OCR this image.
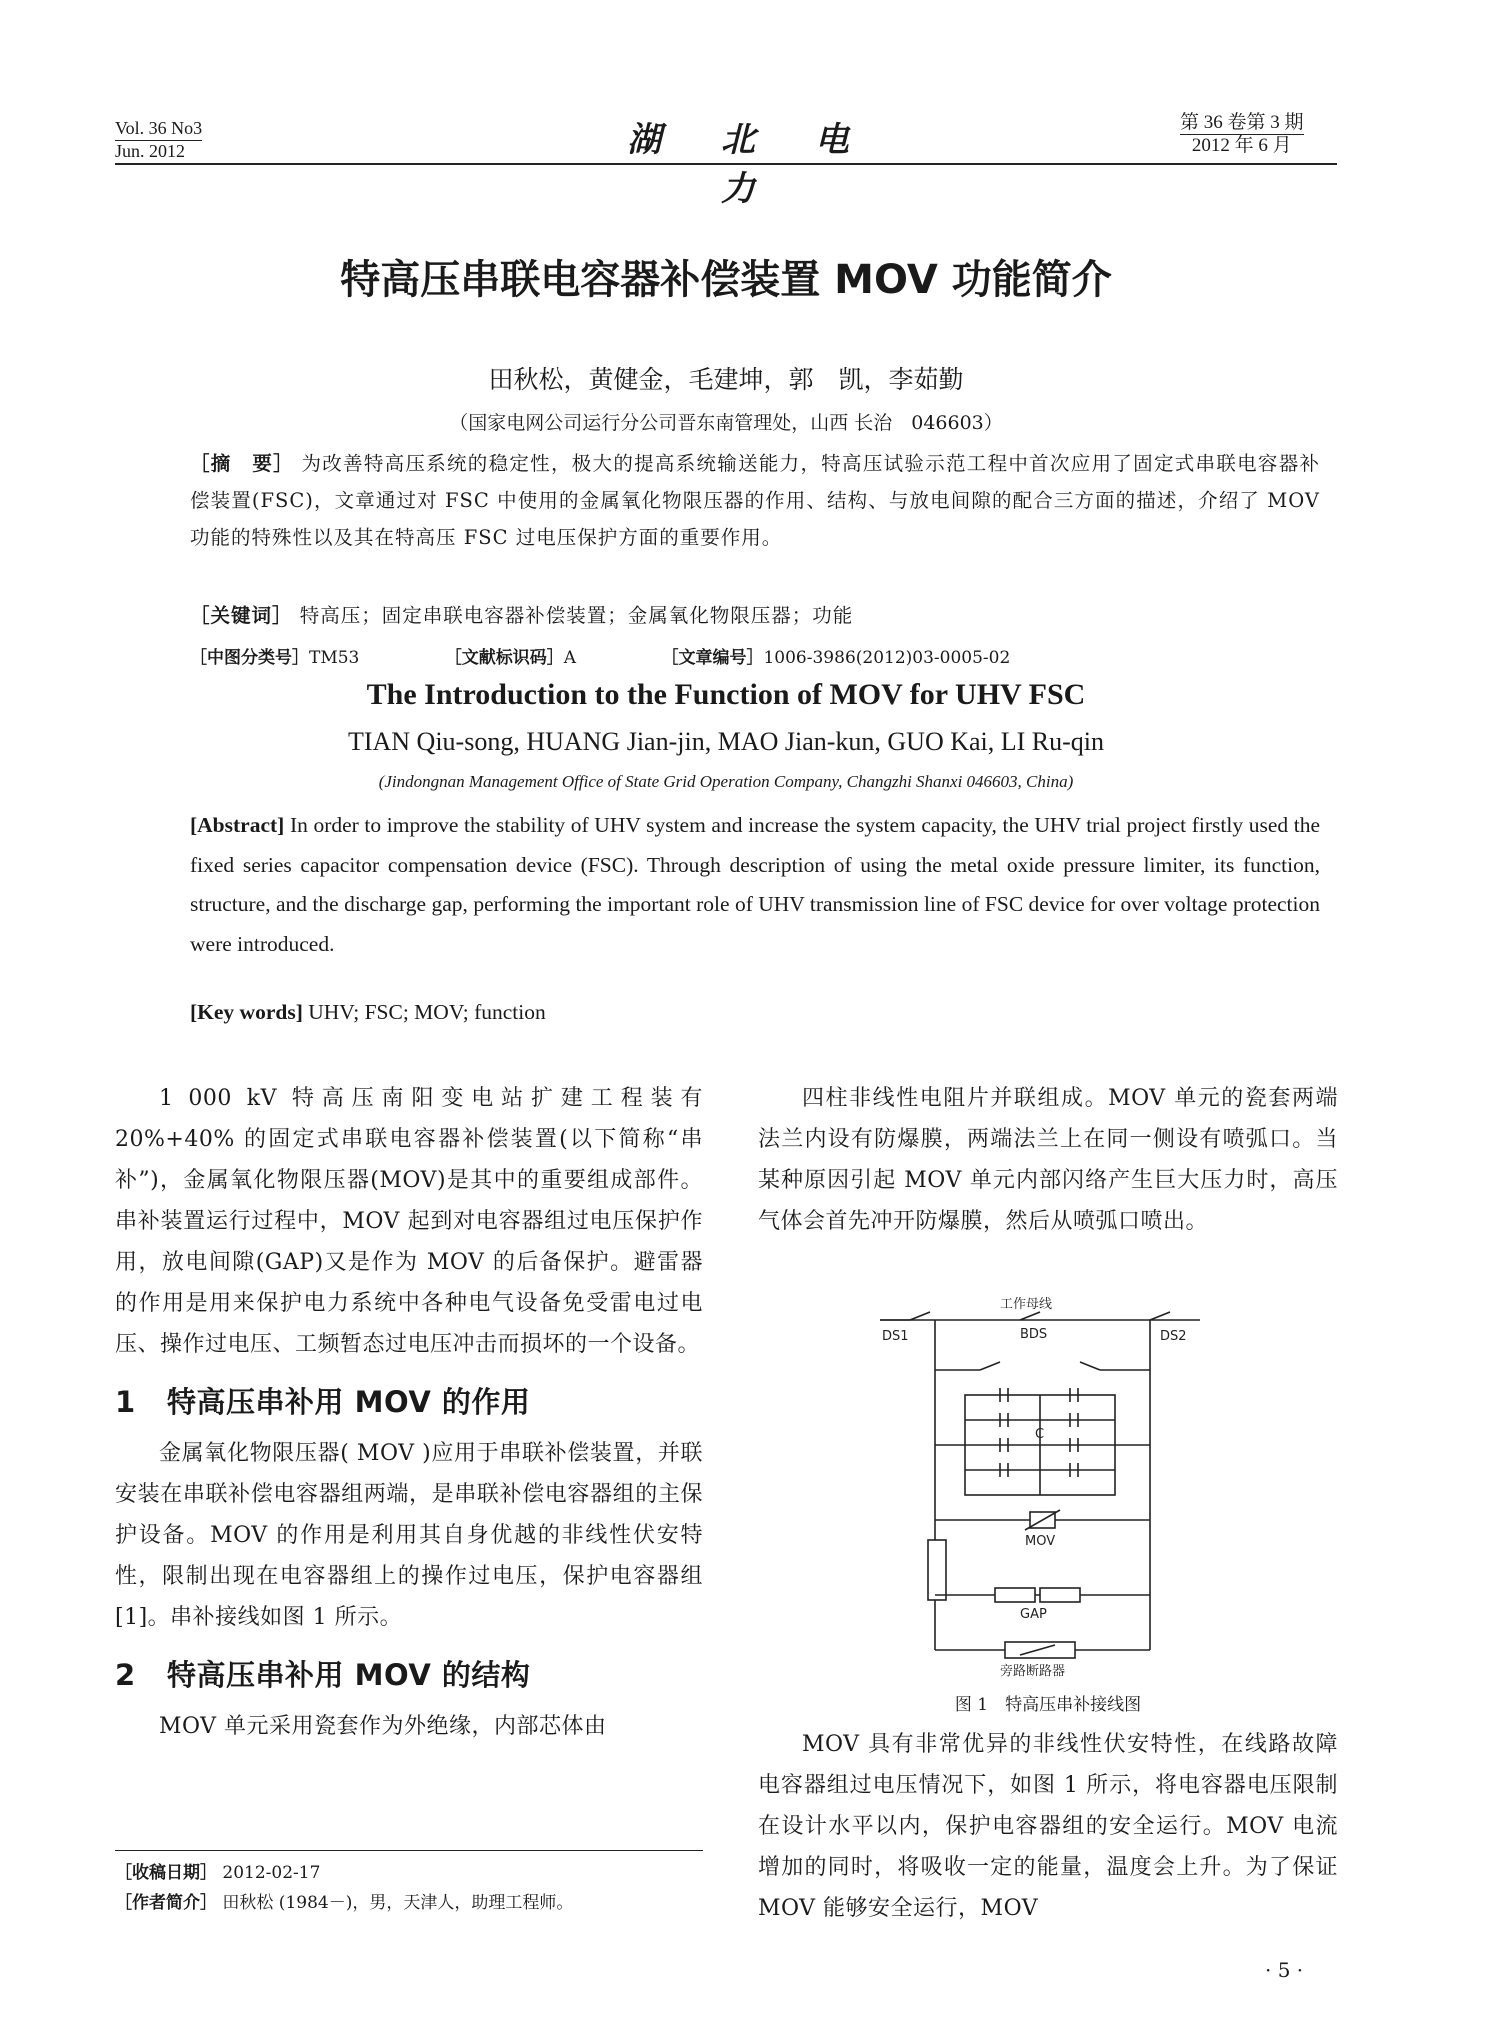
Vol. 36 No3
Jun. 2012	湖 北 电 力
第 36 卷第 3 期
2012 年 6 月
特高压串联电容器补偿装置 MOV 功能简介
田秋松，黄健金，毛建坤，郭　凯，李茹勤
（国家电网公司运行分公司晋东南管理处，山西 长治　046603）
［摘　要］ 为改善特高压系统的稳定性，极大的提高系统输送能力，特高压试验示范工程中首次应用了固定式串联电容器补偿装置(FSC)，文章通过对 FSC 中使用的金属氧化物限压器的作用、结构、与放电间隙的配合三方面的描述，介绍了 MOV 功能的特殊性以及其在特高压 FSC 过电压保护方面的重要作用。
［关键词］ 特高压；固定串联电容器补偿装置；金属氧化物限压器；功能
［中图分类号］TM53	［文献标识码］A	［文章编号］1006-3986(2012)03-0005-02
The Introduction to the Function of MOV for UHV FSC
TIAN Qiu-song, HUANG Jian-jin, MAO Jian-kun, GUO Kai, LI Ru-qin
(Jindongnan Management Office of State Grid Operation Company, Changzhi Shanxi 046603, China)
[Abstract] In order to improve the stability of UHV system and increase the system capacity, the UHV trial project firstly used the fixed series capacitor compensation device (FSC). Through description of using the metal oxide pressure limiter, its function, structure, and the discharge gap, performing the important role of UHV transmission line of FSC device for over voltage protection were introduced.
[Key words] UHV; FSC; MOV; function

1 000 kV 特高压南阳变电站扩建工程装有 20%+40% 的固定式串联电容器补偿装置(以下简称“串补”)，金属氧化物限压器(MOV)是其中的重要组成部件。串补装置运行过程中，MOV 起到对电容器组过电压保护作用，放电间隙(GAP)又是作为 MOV 的后备保护。避雷器的作用是用来保护电力系统中各种电气设备免受雷电过电压、操作过电压、工频暂态过电压冲击而损坏的一个设备。

1 特高压串补用 MOV 的作用

金属氧化物限压器( MOV )应用于串联补偿装置，并联安装在串联补偿电容器组两端，是串联补偿电容器组的主保护设备。MOV 的作用是利用其自身优越的非线性伏安特性，限制出现在电容器组上的操作过电压，保护电容器组[1]。串补接线如图 1 所示。

2 特高压串补用 MOV 的结构

MOV 单元采用瓷套作为外绝缘，内部芯体由

［收稿日期］ 2012-02-17
［作者简介］ 田秋松 (1984－)，男，天津人，助理工程师。

四柱非线性电阻片并联组成。MOV 单元的瓷套两端法兰内设有防爆膜，两端法兰上在同一侧设有喷弧口。当某种原因引起 MOV 单元内部闪络产生巨大压力时，高压气体会首先冲开防爆膜，然后从喷弧口喷出。

工作母线
BDS
DS1	DS2
C
MOV
GAP
旁路断路器
图 1　特高压串补接线图

MOV 具有非常优异的非线性伏安特性，在线路故障电容器组过电压情况下，如图 1 所示，将电容器电压限制在设计水平以内，保护电容器组的安全运行。MOV 电流增加的同时，将吸收一定的能量，温度会上升。为了保证 MOV 能够安全运行，MOV

· 5 ·
